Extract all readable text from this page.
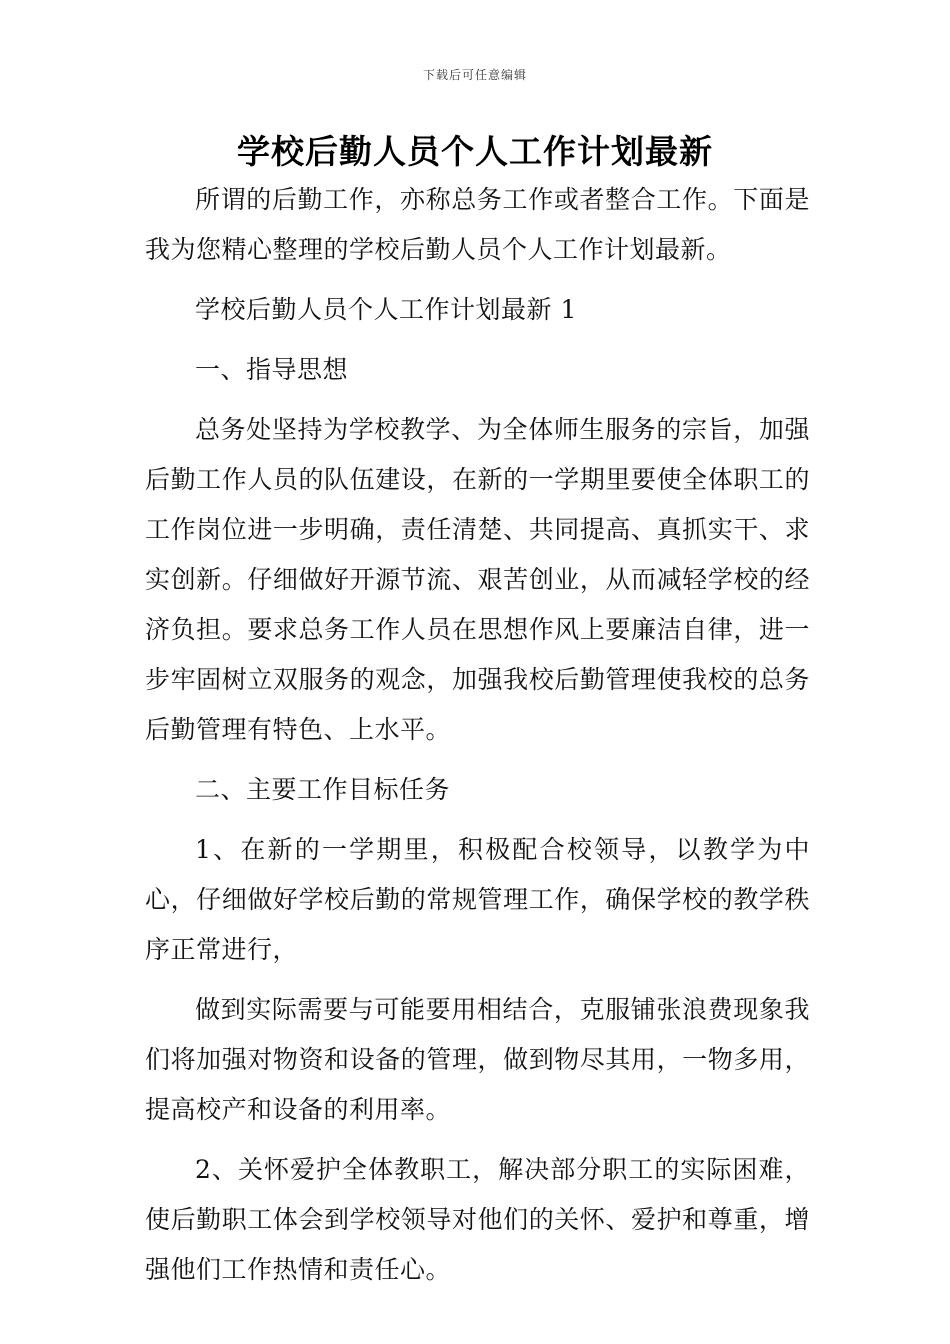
下载后可任意编辑
学校后勤人员个人工作计划最新

所谓的后勤工作，亦称总务工作或者整合工作。下面是我为您精心整理的学校后勤人员个人工作计划最新。

学校后勤人员个人工作计划最新 1

一、指导思想

总务处坚持为学校教学、为全体师生服务的宗旨，加强后勤工作人员的队伍建设，在新的一学期里要使全体职工的工作岗位进一步明确，责任清楚、共同提高、真抓实干、求实创新。仔细做好开源节流、艰苦创业，从而减轻学校的经济负担。要求总务工作人员在思想作风上要廉洁自律，进一步牢固树立双服务的观念，加强我校后勤管理使我校的总务后勤管理有特色、上水平。

二、主要工作目标任务

1、在新的一学期里，积极配合校领导，以教学为中心，仔细做好学校后勤的常规管理工作，确保学校的教学秩序正常进行，

做到实际需要与可能要用相结合，克服铺张浪费现象我们将加强对物资和设备的管理，做到物尽其用，一物多用，提高校产和设备的利用率。

2、关怀爱护全体教职工，解决部分职工的实际困难，使后勤职工体会到学校领导对他们的关怀、爱护和尊重，增强他们工作热情和责任心。
